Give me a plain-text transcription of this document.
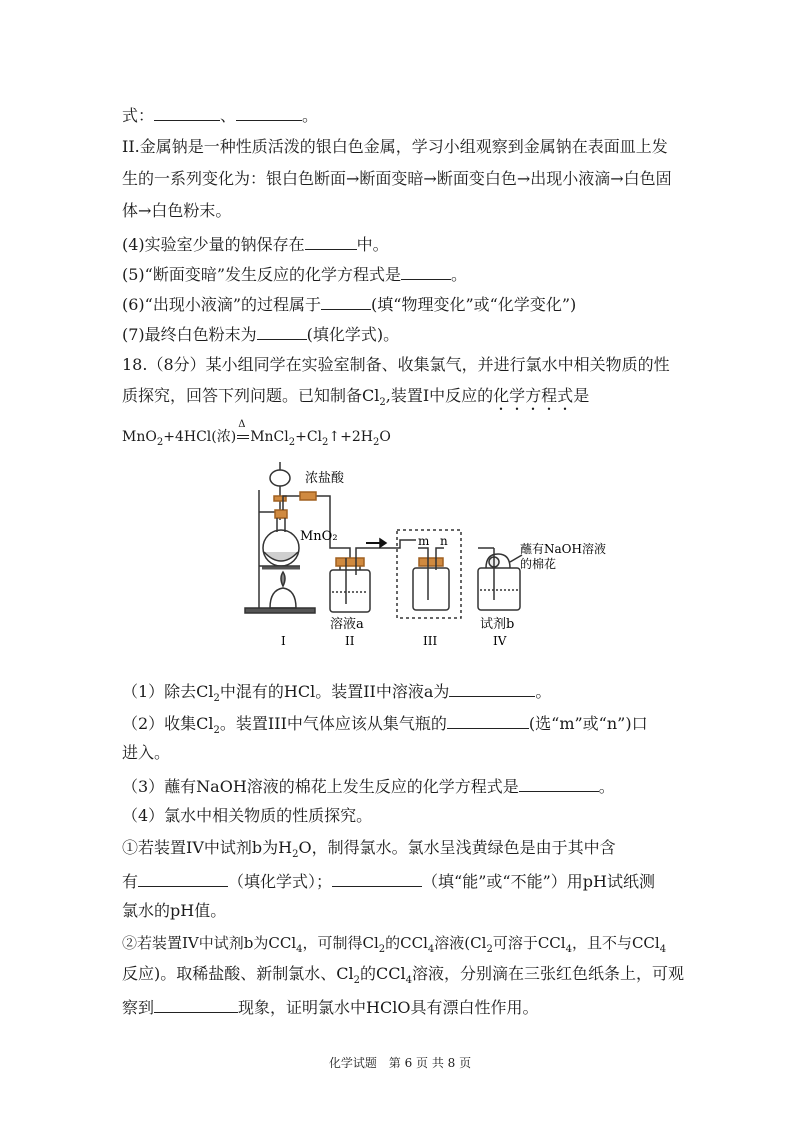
式：	、	。
II.金属钠是一种性质活泼的银白色金属，学习小组观察到金属钠在表面皿上发
生的一系列变化为：银白色断面→断面变暗→断面变白色→出现小液滴→白色固
体→白色粉末。
(4)实验室少量的钠保存在	中。
(5)“断面变暗”发生反应的化学方程式是	。
(6)“出现小液滴”的过程属于	(填“物理变化”或“化学变化”)
(7)最终白色粉末为	(填化学式)。
18.（8分）某小组同学在实验室制备、收集氯气，并进行氯水中相关物质的性
质探究，回答下列问题。已知制备$Cl_2$,装置I中反应的化学方程式是
MnO$_2$+4HCl(浓)
Δ
$MnCl_2+Cl_2↑+2H_2O$
浓盐酸
MnO₂	m n
蘸有NaOH溶液
的棉花
溶液a	试剂b
I	II	III	IV
（1）除去$Cl_2$中混有的HCl。装置II中溶液a为	。
（2）收集$Cl_2$。装置III中气体应该从集气瓶的	(选“m”或“n”)口
进入。
（3）蘸有NaOH溶液的棉花上发生反应的化学方程式是	。
（4）氯水中相关物质的性质探究。
①若装置IV中试剂b为$H_2O$，制得氯水。氯水呈浅黄绿色是由于其中含
有	（填化学式）；	（填“能”或“不能”）用pH试纸测
氯水的pH值。
②若装置IV中试剂b为CCl$_4$，可制得$Cl_2$的CCl$_4$溶液($Cl_2$可溶于CCl$_4$，且不与CCl$_4$
反应)。取稀盐酸、新制氯水、$Cl_2$的CCl$_4$溶液，分别滴在三张红色纸条上，可观
察到	现象，证明氯水中HClO具有漂白性作用。
化学试题 第 6 页 共 8 页
